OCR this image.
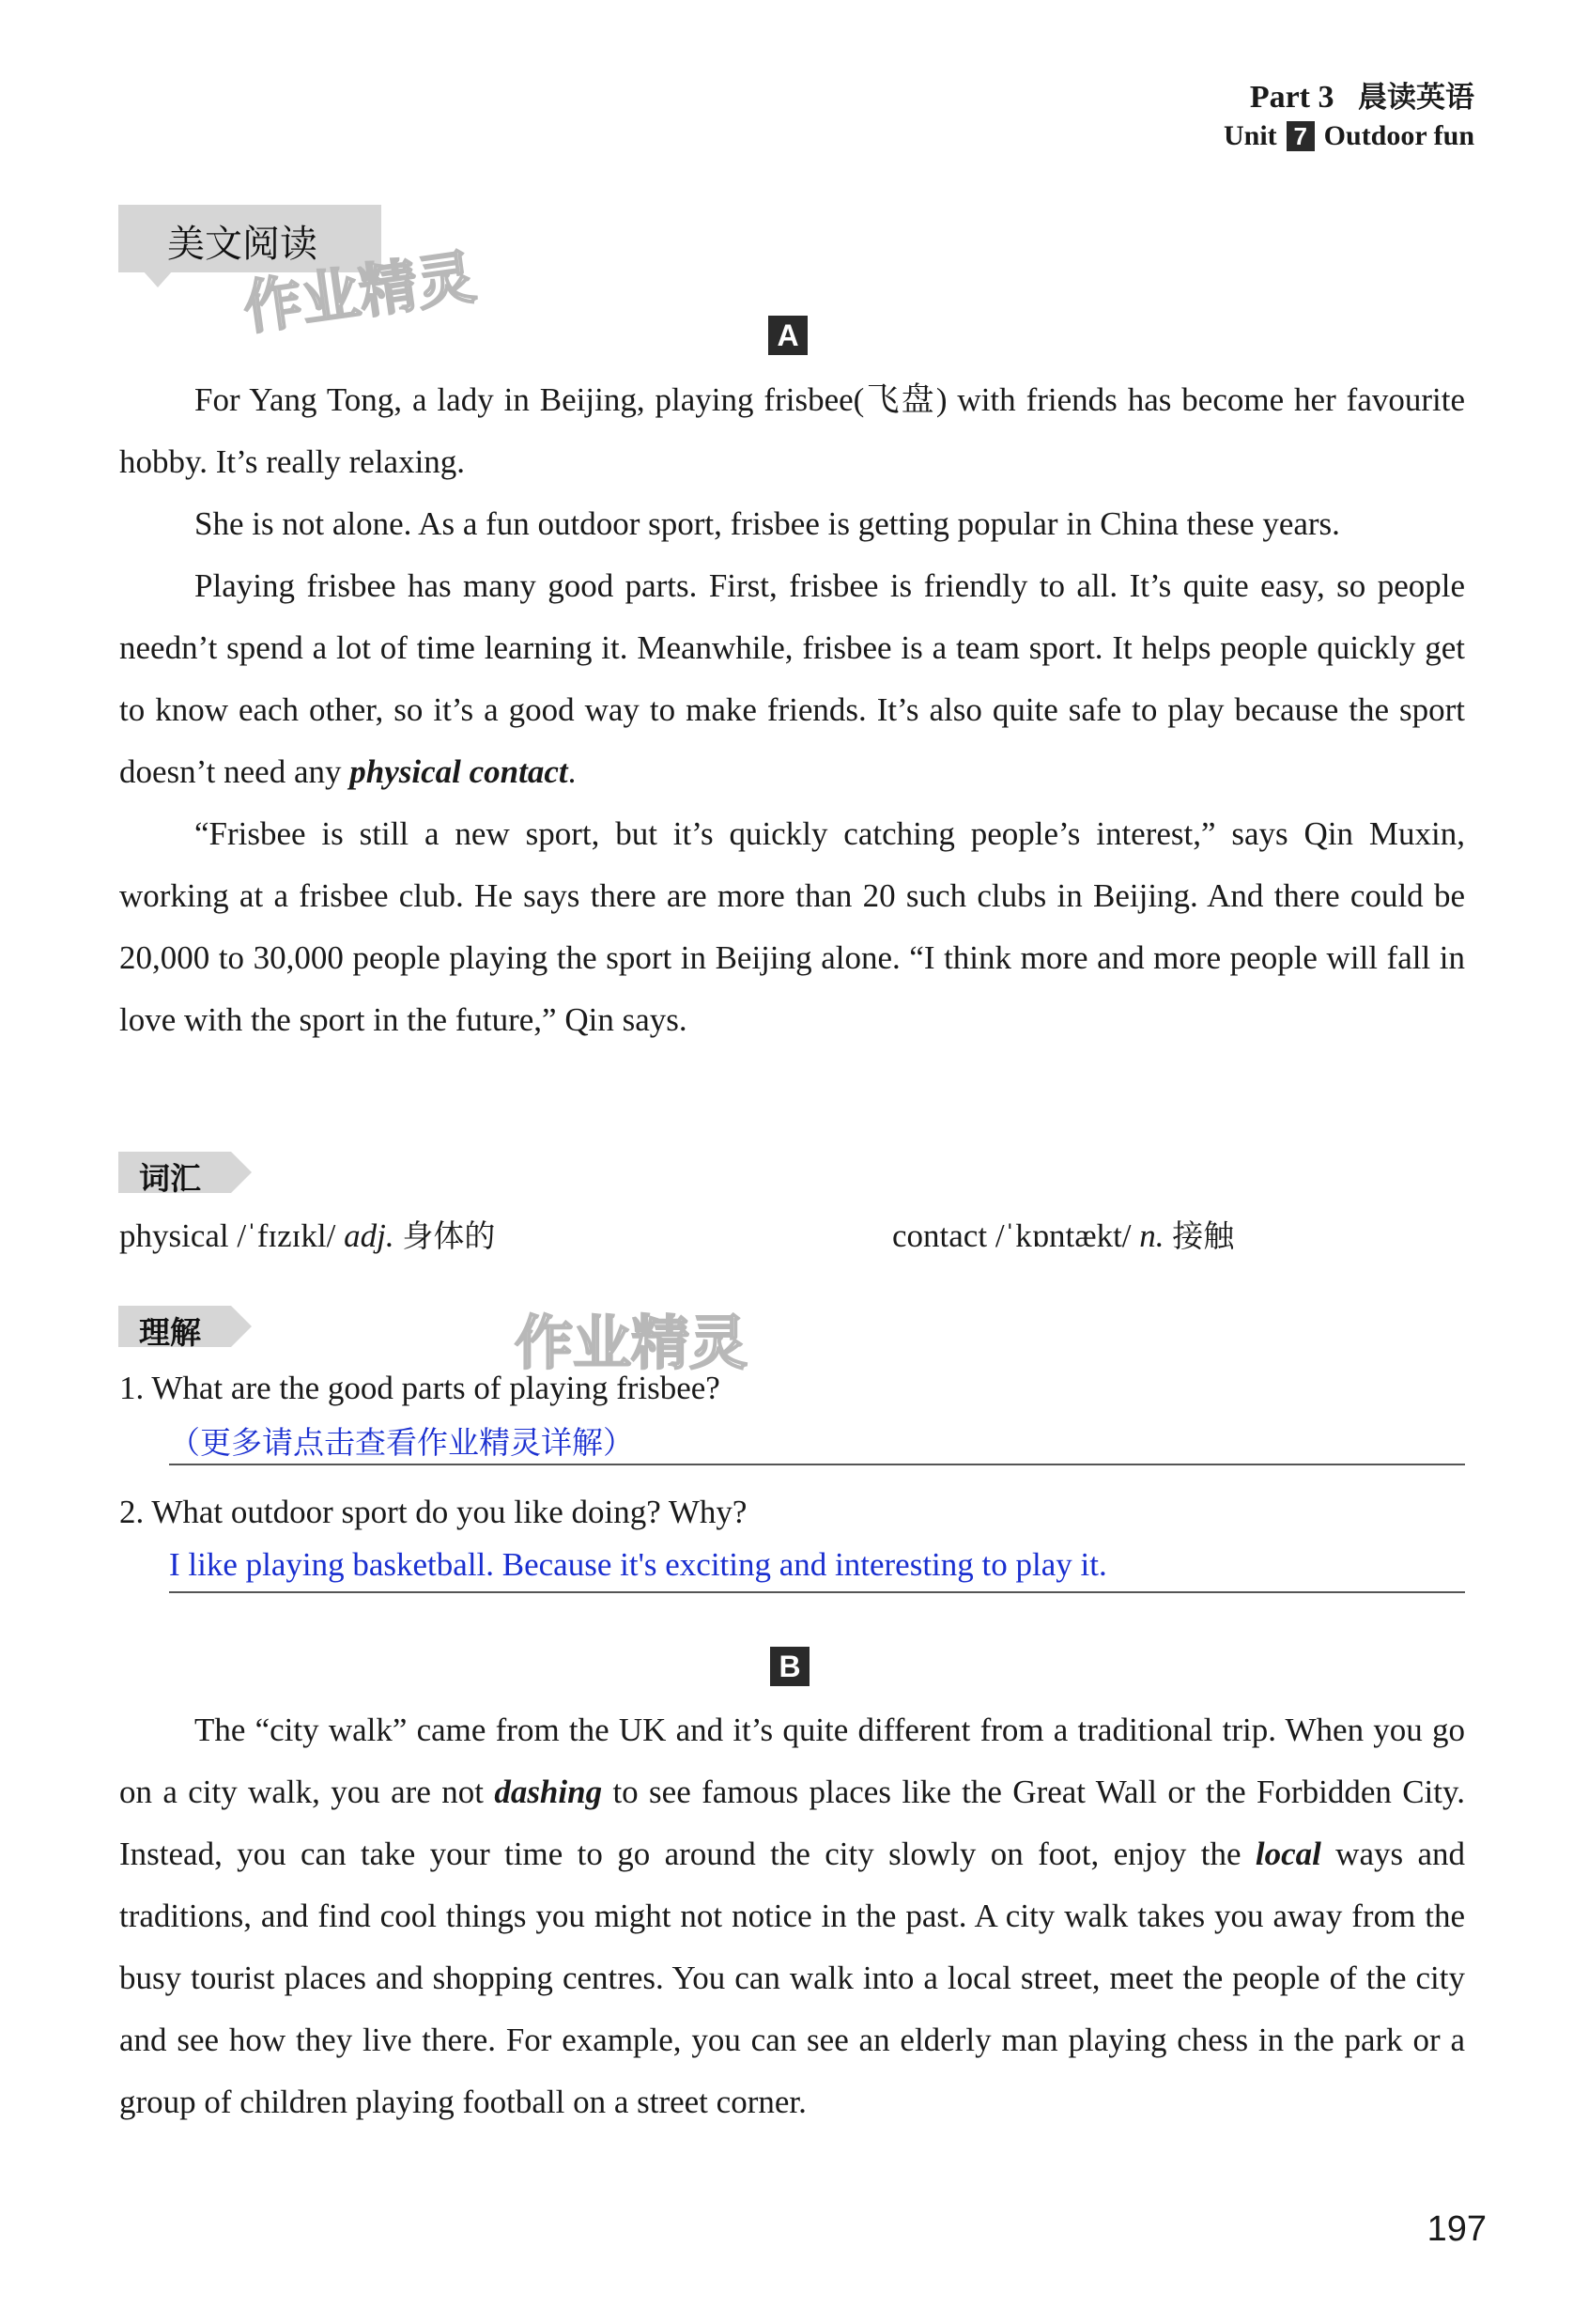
Part 3 晨读英语
Unit 7 Outdoor fun
美文阅读
作业精灵	A

For Yang Tong, a lady in Beijing, playing frisbee(飞盘) with friends has become her favourite hobby. It’s really relaxing.

She is not alone. As a fun outdoor sport, frisbee is getting popular in China these years.

Playing frisbee has many good parts. First, frisbee is friendly to all. It’s quite easy, so people needn’t spend a lot of time learning it. Meanwhile, frisbee is a team sport. It helps people quickly get to know each other, so it’s a good way to make friends. It’s also quite safe to play because the sport doesn’t need any physical contact.

“Frisbee is still a new sport, but it’s quickly catching people’s interest,” says Qin Muxin, working at a frisbee club. He says there are more than 20 such clubs in Beijing. And there could be 20,000 to 30,000 people playing the sport in Beijing alone. “I think more and more people will fall in love with the sport in the future,” Qin says.

词汇
physical /ˈfɪzɪkl/ adj. 身体的	contact /ˈkɒntækt/ n. 接触
理解	作业精灵
1. What are the good parts of playing frisbee?
（更多请点击查看作业精灵详解）
2. What outdoor sport do you like doing? Why?
I like playing basketball. Because it's exciting and interesting to play it.
B

The “city walk” came from the UK and it’s quite different from a traditional trip. When you go on a city walk, you are not dashing to see famous places like the Great Wall or the Forbidden City. Instead, you can take your time to go around the city slowly on foot, enjoy the local ways and traditions, and find cool things you might not notice in the past. A city walk takes you away from the busy tourist places and shopping centres. You can walk into a local street, meet the people of the city and see how they live there. For example, you can see an elderly man playing chess in the park or a group of children playing football on a street corner.

197
